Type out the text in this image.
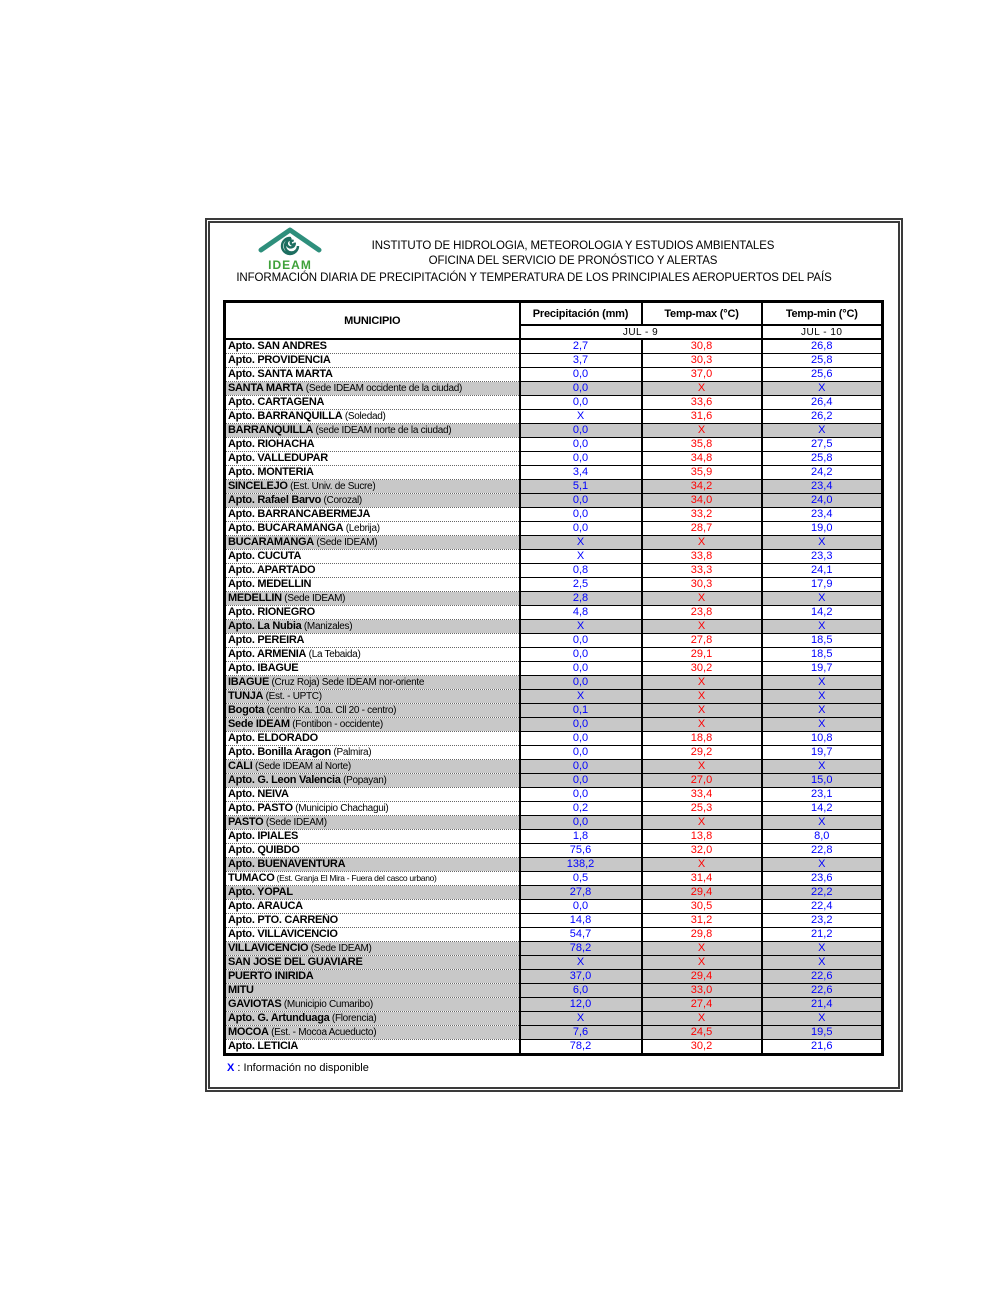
IDEAM
INSTITUTO DE HIDROLOGIA, METEOROLOGIA Y ESTUDIOS AMBIENTALES
OFICINA DEL SERVICIO DE PRONÓSTICO Y ALERTAS
INFORMACIÓN DIARIA DE PRECIPITACIÓN Y TEMPERATURA DE LOS PRINCIPIALES AEROPUERTOS DEL PAÍS
MUNICIPIO	Precipitación (mm)	Temp-max (°C)	Temp-min (°C)
	JUL - 9		JUL - 10
Apto. SAN ANDRES	2,7	30,8	26,8
Apto. PROVIDENCIA	3,7	30,3	25,8
Apto. SANTA MARTA	0,0	37,0	25,6
SANTA MARTA (Sede IDEAM occidente de la ciudad)	0,0	X	X
Apto. CARTAGENA	0,0	33,6	26,4
Apto. BARRANQUILLA (Soledad)	X	31,6	26,2
BARRANQUILLA (sede IDEAM norte de la ciudad)	0,0	X	X
Apto. RIOHACHA	0,0	35,8	27,5
Apto. VALLEDUPAR	0,0	34,8	25,8
Apto. MONTERIA	3,4	35,9	24,2
SINCELEJO (Est. Univ. de Sucre)	5,1	34,2	23,4
Apto. Rafael Barvo (Corozal)	0,0	34,0	24,0
Apto. BARRANCABERMEJA	0,0	33,2	23,4
Apto. BUCARAMANGA (Lebrija)	0,0	28,7	19,0
BUCARAMANGA (Sede IDEAM)	X	X	X
Apto. CUCUTA	X	33,8	23,3
Apto. APARTADO	0,8	33,3	24,1
Apto. MEDELLIN	2,5	30,3	17,9
MEDELLIN (Sede IDEAM)	2,8	X	X
Apto. RIONEGRO	4,8	23,8	14,2
Apto. La Nubia (Manizales)	X	X	X
Apto. PEREIRA	0,0	27,8	18,5
Apto. ARMENIA (La Tebaida)	0,0	29,1	18,5
Apto. IBAGUE	0,0	30,2	19,7
IBAGUE (Cruz Roja) Sede IDEAM nor-oriente	0,0	X	X
TUNJA (Est. - UPTC)	X	X	X
Bogota (centro Ka. 10a. Cll 20 - centro)	0,1	X	X
Sede IDEAM (Fontibon - occidente)	0,0	X	X
Apto. ELDORADO	0,0	18,8	10,8
Apto. Bonilla Aragon (Palmira)	0,0	29,2	19,7
CALI (Sede IDEAM al Norte)	0,0	X	X
Apto. G. Leon Valencia (Popayan)	0,0	27,0	15,0
Apto. NEIVA	0,0	33,4	23,1
Apto. PASTO (Municipio Chachagui)	0,2	25,3	14,2
PASTO (Sede IDEAM)	0,0	X	X
Apto. IPIALES	1,8	13,8	8,0
Apto. QUIBDO	75,6	32,0	22,8
Apto. BUENAVENTURA	138,2	X	X
TUMACO (Est. Granja El Mira - Fuera del casco urbano)	0,5	31,4	23,6
Apto. YOPAL	27,8	29,4	22,2
Apto. ARAUCA	0,0	30,5	22,4
Apto. PTO. CARREÑO	14,8	31,2	23,2
Apto. VILLAVICENCIO	54,7	29,8	21,2
VILLAVICENCIO (Sede IDEAM)	78,2	X	X
SAN JOSE DEL GUAVIARE	X	X	X
PUERTO INIRIDA	37,0	29,4	22,6
MITU	6,0	33,0	22,6
GAVIOTAS (Municipio Cumaribo)	12,0	27,4	21,4
Apto. G. Artunduaga (Florencia)	X	X	X
MOCOA (Est. - Mocoa Acueducto)	7,6	24,5	19,5
Apto. LETICIA	78,2	30,2	21,6
X : Información no disponible
